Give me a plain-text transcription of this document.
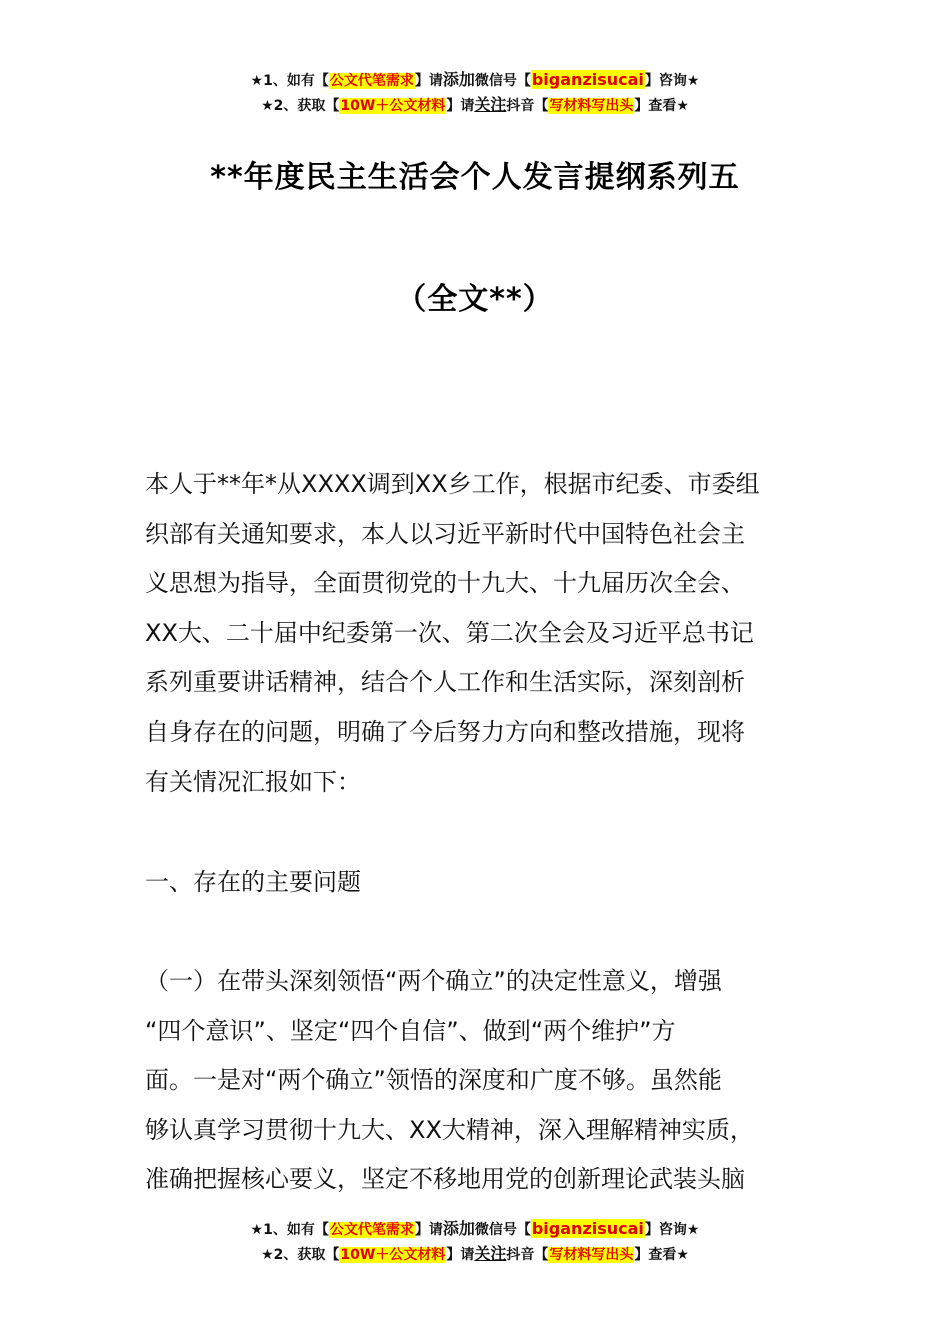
★1、如有【公文代笔需求】请添加微信号【biganzisucai】咨询★
★2、获取【10W＋公文材料】请关注抖音【写材料写出头】查看★
**年度民主生活会个人发言提纲系列五
（全文**）

本人于**年*从XXXX调到XX乡工作，根据市纪委、市委组
织部有关通知要求，本人以习近平新时代中国特色社会主
义思想为指导，全面贯彻党的十九大、十九届历次全会、
XX大、二十届中纪委第一次、第二次全会及习近平总书记
系列重要讲话精神，结合个人工作和生活实际，深刻剖析
自身存在的问题，明确了今后努力方向和整改措施，现将
有关情况汇报如下：

一、存在的主要问题

（一）在带头深刻领悟“两个确立”的决定性意义，增强
“四个意识”、坚定“四个自信”、做到“两个维护”方
面。一是对“两个确立”领悟的深度和广度不够。虽然能
够认真学习贯彻十九大、XX大精神，深入理解精神实质，
准确把握核心要义，坚定不移地用党的创新理论武装头脑

★1、如有【公文代笔需求】请添加微信号【biganzisucai】咨询★
★2、获取【10W＋公文材料】请关注抖音【写材料写出头】查看★
